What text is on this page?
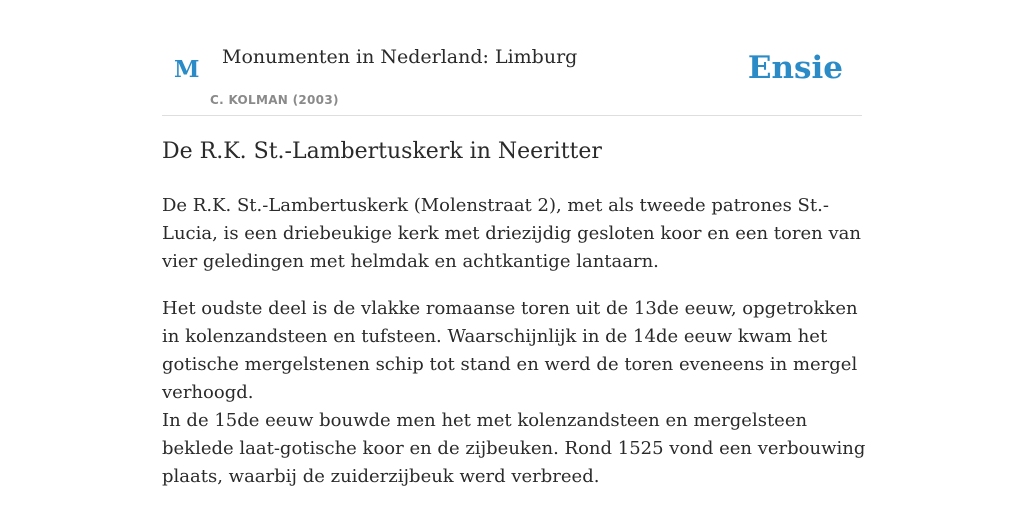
M Monumenten in Nederland: Limburg
C. KOLMAN (2003)
Ensie
De R.K. St.-Lambertuskerk in Neeritter

De R.K. St.-Lambertuskerk (Molenstraat 2), met als tweede patrones St.-Lucia, is een driebeukige kerk met driezijdig gesloten koor en een toren van vier geledingen met helmdak en achtkantige lantaarn.

Het oudste deel is de vlakke romaanse toren uit de 13de eeuw, opgetrokken in kolenzandsteen en tufsteen. Waarschijnlijk in de 14de eeuw kwam het gotische mergelstenen schip tot stand en werd de toren eveneens in mergel verhoogd.

In de 15de eeuw bouwde men het met kolenzandsteen en mergelsteen beklede laat-gotische koor en de zijbeuken. Rond 1525 vond een verbouwing plaats, waarbij de zuiderzijbeuk werd verbreed.
